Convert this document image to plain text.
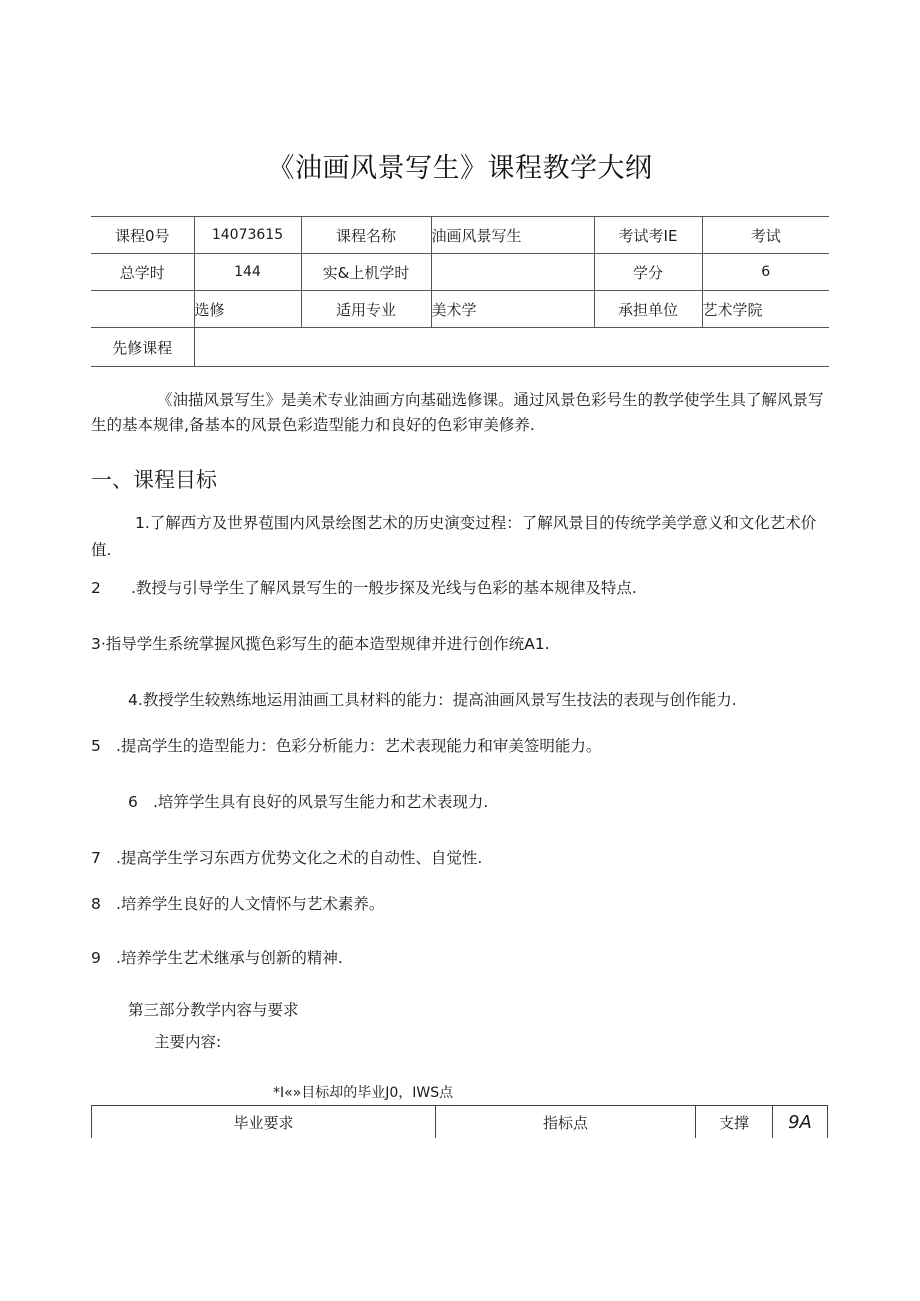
《油画风景写生》课程教学大纲
课程0号	14073615	课程名称	油画风景写生	考试考IE	考试
总学时	144	实&上机学时		学分	6
	选修	适用专业	美术学	承担单位	艺术学院
先修课程					
《油描风景写生》是美术专业油画方向基础选修课。通过风景色彩号生的教学使学生具了解风景写生的基本规律,备基本的风景色彩造型能力和良好的色彩审美修养.
一、课程目标
1.了解西方及世界苞围内风景绘图艺术的历史演变过程：了解风景目的传统学美学意义和文化艺术价值.
2 .教授与引导学生了解风景写生的一般步探及光线与色彩的基本规律及特点.
3·指导学生系统掌握风揽色彩写生的葩本造型规律并进行创作统A1.
4.教授学生较熟练地运用油画工具材料的能力：提高油画风景写生技法的表现与创作能力.
5 .提高学生的造型能力：色彩分析能力：艺术表现能力和审美签明能力。
6 .培笄学生具有良好的风景写生能力和艺术表现力.
7 .提高学生学习东西方优势文化之术的自动性、自觉性.
8 .培养学生良好的人文情怀与艺术素养。
9 .培养学生艺术继承与创新的精神.
第三部分教学内容与要求
主要内容:
*I«»目标却的毕业J0，IWS点
毕业要求	指标点	支撑	9A
